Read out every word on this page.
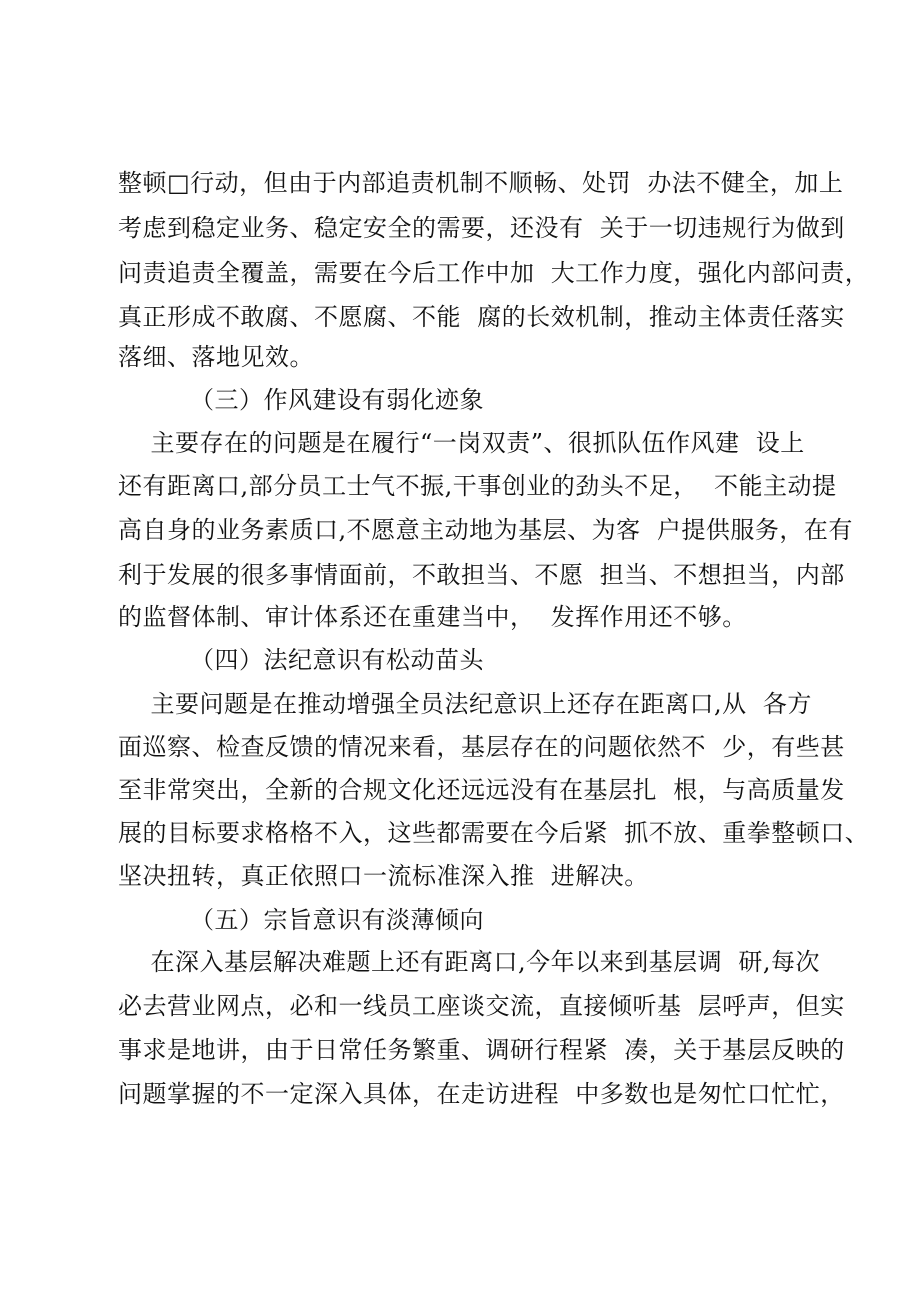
整顿□行动，但由于内部追责机制不顺畅、处罚  办法不健全，加上
考虑到稳定业务、稳定安全的需要，还没有  关于一切违规行为做到
问责追责全覆盖，需要在今后工作中加  大工作力度，强化内部问责，
真正形成不敢腐、不愿腐、不能  腐的长效机制，推动主体责任落实
落细、落地见效。
（三）作风建设有弱化迹象
主要存在的问题是在履行“一岗双责”、很抓队伍作风建  设上
还有距离口,部分员工士气不振,干事创业的劲头不足，  不能主动提
高自身的业务素质口,不愿意主动地为基层、为客  户提供服务，在有
利于发展的很多事情面前，不敢担当、不愿  担当、不想担当，内部
的监督体制、审计体系还在重建当中，  发挥作用还不够。
（四）法纪意识有松动苗头
主要问题是在推动增强全员法纪意识上还存在距离口,从  各方
面巡察、检查反馈的情况来看，基层存在的问题依然不  少，有些甚
至非常突出，全新的合规文化还远远没有在基层扎  根，与高质量发
展的目标要求格格不入，这些都需要在今后紧  抓不放、重拳整顿口、
坚决扭转，真正依照口一流标准深入推  进解决。
（五）宗旨意识有淡薄倾向
在深入基层解决难题上还有距离口,今年以来到基层调  研,每次
必去营业网点，必和一线员工座谈交流，直接倾听基  层呼声，但实
事求是地讲，由于日常任务繁重、调研行程紧  凑，关于基层反映的
问题掌握的不一定深入具体，在走访进程  中多数也是匆忙口忙忙，
